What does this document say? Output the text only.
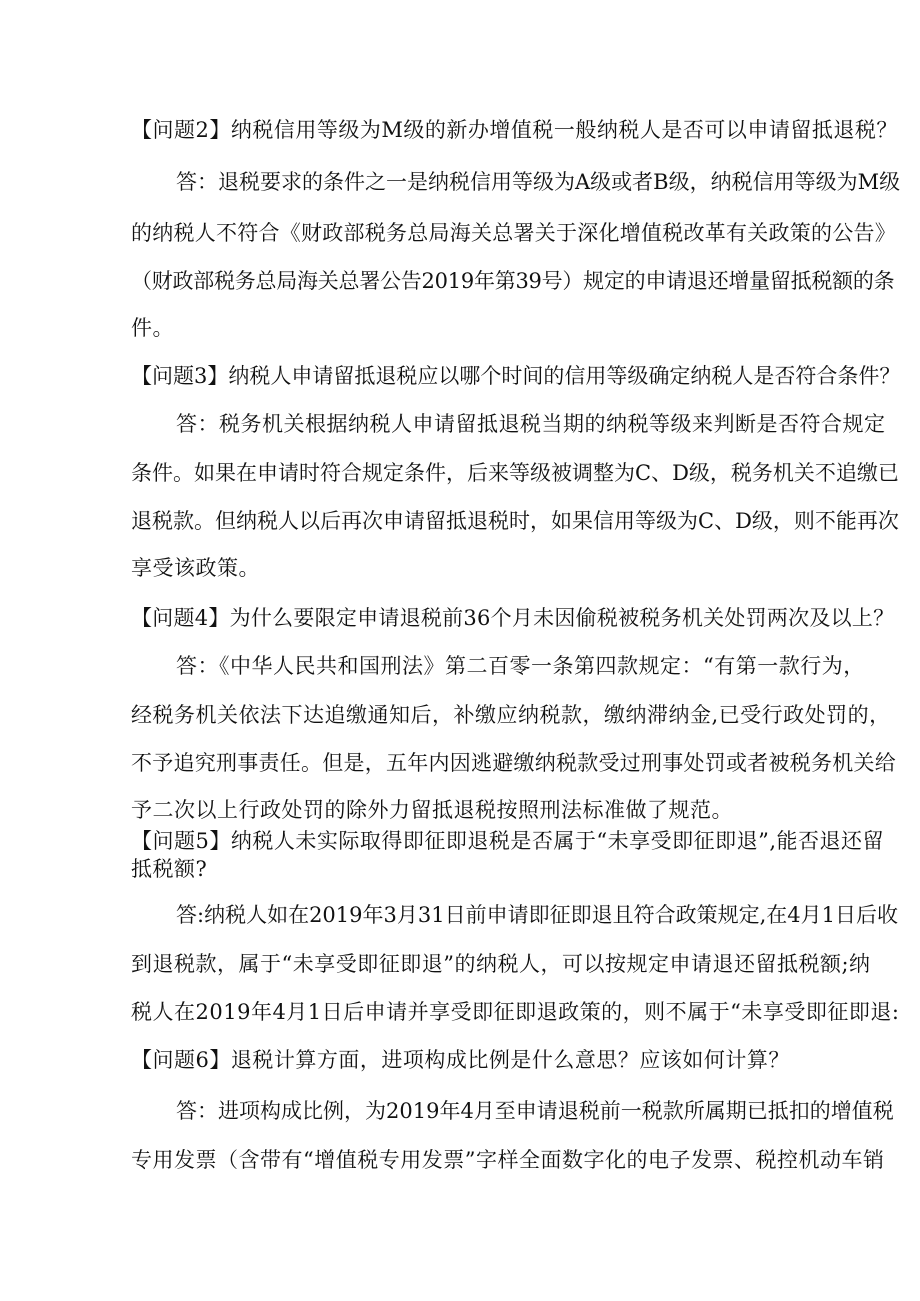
【问题2】纳税信用等级为M级的新办增值税一般纳税人是否可以申请留抵退税？
答：退税要求的条件之一是纳税信用等级为A级或者B级，纳税信用等级为M级
的纳税人不符合《财政部税务总局海关总署关于深化增值税改革有关政策的公告》
（财政部税务总局海关总署公告2019年第39号）规定的申请退还增量留抵税额的条
件。
【问题3】纳税人申请留抵退税应以哪个时间的信用等级确定纳税人是否符合条件？
答：税务机关根据纳税人申请留抵退税当期的纳税等级来判断是否符合规定
条件。如果在申请时符合规定条件，后来等级被调整为C、D级，税务机关不追缴已
退税款。但纳税人以后再次申请留抵退税时，如果信用等级为C、D级，则不能再次
享受该政策。
【问题4】为什么要限定申请退税前36个月未因偷税被税务机关处罚两次及以上？
答：《中华人民共和国刑法》第二百零一条第四款规定：“有第一款行为，
经税务机关依法下达追缴通知后，补缴应纳税款，缴纳滞纳金,已受行政处罚的，
不予追究刑事责任。但是，五年内因逃避缴纳税款受过刑事处罚或者被税务机关给
予二次以上行政处罚的除外力留抵退税按照刑法标准做了规范。
【问题5】纳税人未实际取得即征即退税是否属于“未享受即征即退”,能否退还留
抵税额?
答:纳税人如在2019年3月31日前申请即征即退且符合政策规定,在4月1日后收
到退税款，属于“未享受即征即退”的纳税人，可以按规定申请退还留抵税额;纳
税人在2019年4月1日后申请并享受即征即退政策的，则不属于“未享受即征即退:
【问题6】退税计算方面，进项构成比例是什么意思？应该如何计算？
答：进项构成比例，为2019年4月至申请退税前一税款所属期已抵扣的增值税
专用发票（含带有“增值税专用发票”字样全面数字化的电子发票、税控机动车销
